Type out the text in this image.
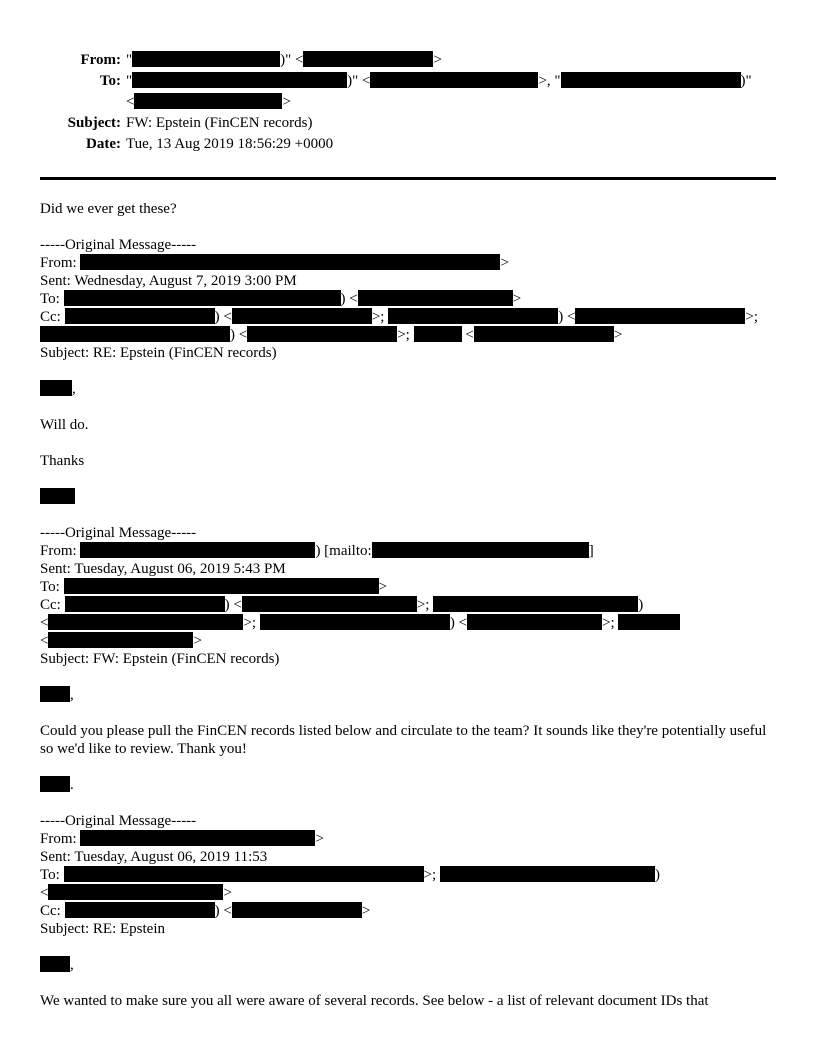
From: "	)" <	>
To: "	)" <	>, "	)"
<	>
Subject: FW: Epstein (FinCEN records)
Date: Tue, 13 Aug 2019 18:56:29 +0000
Did we ever get these?
-----Original Message-----
From:	>
Sent: Wednesday, August 7, 2019 3:00 PM
To:	) <	>
Cc:	) <	>;	) <	>;
) <	>;	<	>
Subject: RE: Epstein (FinCEN records)
,
Will do.
Thanks
-----Original Message-----
From:	) [mailto:	]
Sent: Tuesday, August 06, 2019 5:43 PM
To:	>
Cc:	) <	>;	)
<	>;	) <	>;
<	>
Subject: FW: Epstein (FinCEN records)
,
Could you please pull the FinCEN records listed below and circulate to the team? It sounds like they're potentially useful so we'd like to review. Thank you!
.
-----Original Message-----
From:	>
Sent: Tuesday, August 06, 2019 11:53
To:	>;	)
<	>
Cc:	) <	>
Subject: RE: Epstein
,
We wanted to make sure you all were aware of several records. See below - a list of relevant document IDs that
